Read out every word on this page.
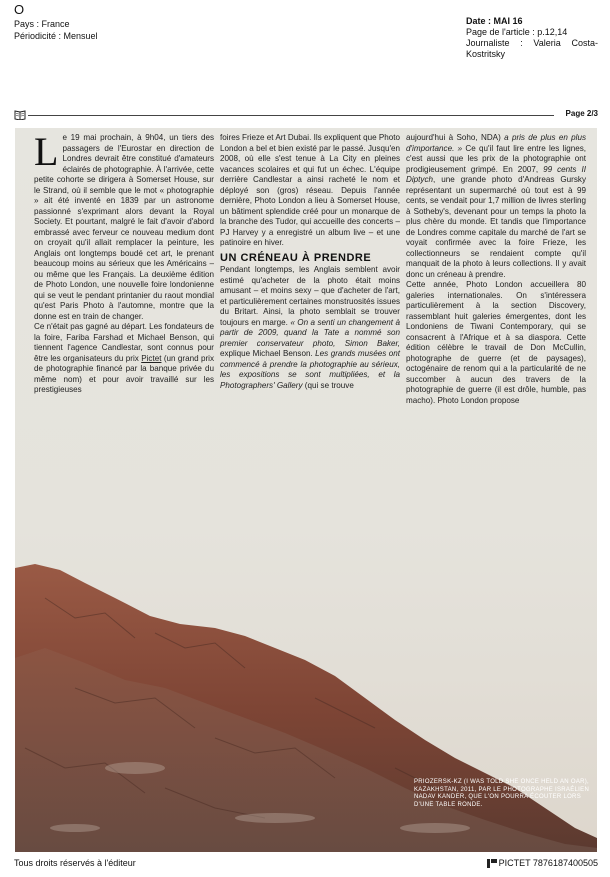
O
Pays : France
Périodicité : Mensuel
Date : MAI 16
Page de l'article : p.12,14
Journaliste : Valeria Costa-
Kostritsky
Page 2/3

Le 19 mai prochain, à 9h04, un tiers des passagers de l'Eurostar en direction de Londres devrait être constitué d'amateurs éclairés de photographie. À l'arrivée, cette petite cohorte se dirigera à Somerset House, sur le Strand, où il semble que le mot « photographie » ait été inventé en 1839 par un astronome passionné s'exprimant alors devant la Royal Society. Et pourtant, malgré le fait d'avoir d'abord embrassé avec ferveur ce nouveau medium dont on croyait qu'il allait remplacer la peinture, les Anglais ont longtemps boudé cet art, le prenant beaucoup moins au sérieux que les Américains – ou même que les Français. La deuxième édition de Photo London, une nouvelle foire londonienne qui se veut le pendant printanier du raout mondial qu'est Paris Photo à l'automne, montre que la donne est en train de changer.

Ce n'était pas gagné au départ. Les fondateurs de la foire, Fariba Farshad et Michael Benson, qui tiennent l'agence Candlestar, sont connus pour être les organisateurs du prix Pictet (un grand prix de photographie financé par la banque privée du même nom) et pour avoir travaillé sur les prestigieuses

foires Frieze et Art Dubai. Ils expliquent que Photo London a bel et bien existé par le passé. Jusqu'en 2008, où elle s'est tenue à La City en pleines vacances scolaires et qui fut un échec. L'équipe derrière Candlestar a ainsi racheté le nom et déployé son (gros) réseau. Depuis l'année dernière, Photo London a lieu à Somerset House, un bâtiment splendide créé pour un monarque de la branche des Tudor, qui accueille des concerts – PJ Harvey y a enregistré un album live – et une patinoire en hiver.

UN CRÉNEAU À PRENDRE

Pendant longtemps, les Anglais semblent avoir estimé qu'acheter de la photo était moins amusant – et moins sexy – que d'acheter de l'art, et particulièrement certaines monstruosités issues du Britart. Ainsi, la photo semblait se trouver toujours en marge. « On a senti un changement à partir de 2009, quand la Tate a nommé son premier conservateur photo, Simon Baker, explique Michael Benson. Les grands musées ont commencé à prendre la photographie au sérieux, les expositions se sont multipliées, et la Photographers' Gallery (qui se trouve

aujourd'hui à Soho, NDA) a pris de plus en plus d'importance. » Ce qu'il faut lire entre les lignes, c'est aussi que les prix de la photographie ont prodigieusement grimpé. En 2007, 99 cents II Diptych, une grande photo d'Andreas Gursky représentant un supermarché où tout est à 99 cents, se vendait pour 1,7 million de livres sterling à Sotheby's, devenant pour un temps la photo la plus chère du monde. Et tandis que l'importance de Londres comme capitale du marché de l'art se voyait confirmée avec la foire Frieze, les collectionneurs se rendaient compte qu'il manquait de la photo à leurs collections. Il y avait donc un créneau à prendre.

Cette année, Photo London accueillera 80 galeries internationales. On s'intéressera particulièrement à la section Discovery, rassemblant huit galeries émergentes, dont les Londoniens de Tiwani Contemporary, qui se consacrent à l'Afrique et à sa diaspora. Cette édition célèbre le travail de Don McCullin, photographe de guerre (et de paysages), octogénaire de renom qui a la particularité de ne succomber à aucun des travers de la photographie de guerre (il est drôle, humble, pas macho). Photo London propose

PRIOZERSK-KZ (I WAS TOLD SHE ONCE HELD AN OAR), KAZAKHSTAN, 2011, PAR LE PHOTOGRAPHE ISRAÉLIEN NADAV KANDER, QUE L'ON POURRA ÉCOUTER LORS D'UNE TABLE RONDE.
Tous droits réservés à l'éditeur	PICTET 7876187400505
